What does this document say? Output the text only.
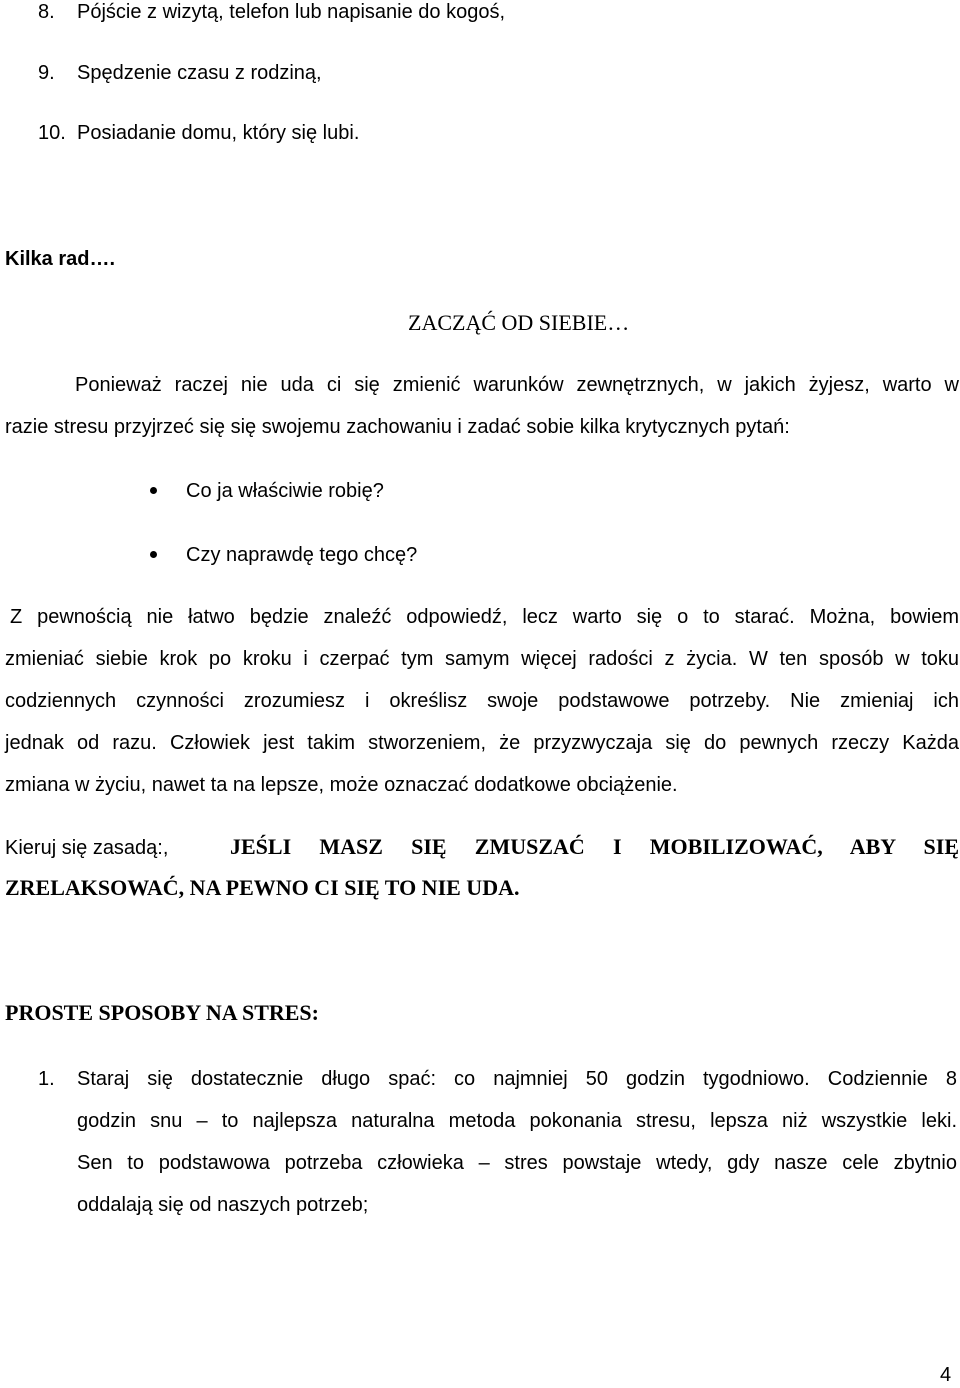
8. Pójście z wizytą, telefon lub napisanie do kogoś,
9. Spędzenie czasu z rodziną,
10. Posiadanie domu, który się lubi.
Kilka rad….
ZACZĄĆ OD SIEBIE…
Ponieważ raczej nie uda ci się zmienić warunków zewnętrznych, w jakich żyjesz, warto w
razie stresu przyjrzeć się się swojemu zachowaniu i zadać sobie kilka krytycznych pytań:
Co ja właściwie robię?
Czy naprawdę tego chcę?
Z pewnością nie łatwo będzie znaleźć odpowiedź, lecz warto się o to starać. Można, bowiem
zmieniać siebie krok po kroku i czerpać tym samym więcej radości z życia. W ten sposób w toku
codziennych czynności zrozumiesz i określisz swoje podstawowe potrzeby. Nie zmieniaj ich
jednak od razu. Człowiek jest takim stworzeniem, że przyzwyczaja się do pewnych rzeczy Każda
zmiana w życiu, nawet ta na lepsze, może oznaczać dodatkowe obciążenie.
Kieruj się zasadą:,	JEŚLI MASZ SIĘ ZMUSZAĆ I MOBILIZOWAĆ, ABY SIĘ
ZRELAKSOWAĆ, NA PEWNO CI SIĘ TO NIE UDA.
PROSTE SPOSOBY NA STRES:
1. Staraj się dostatecznie długo spać: co najmniej 50 godzin tygodniowo. Codziennie 8
godzin snu – to najlepsza naturalna metoda pokonania stresu, lepsza niż wszystkie leki.
Sen to podstawowa potrzeba człowieka – stres powstaje wtedy, gdy nasze cele zbytnio
oddalają się od naszych potrzeb;
4
